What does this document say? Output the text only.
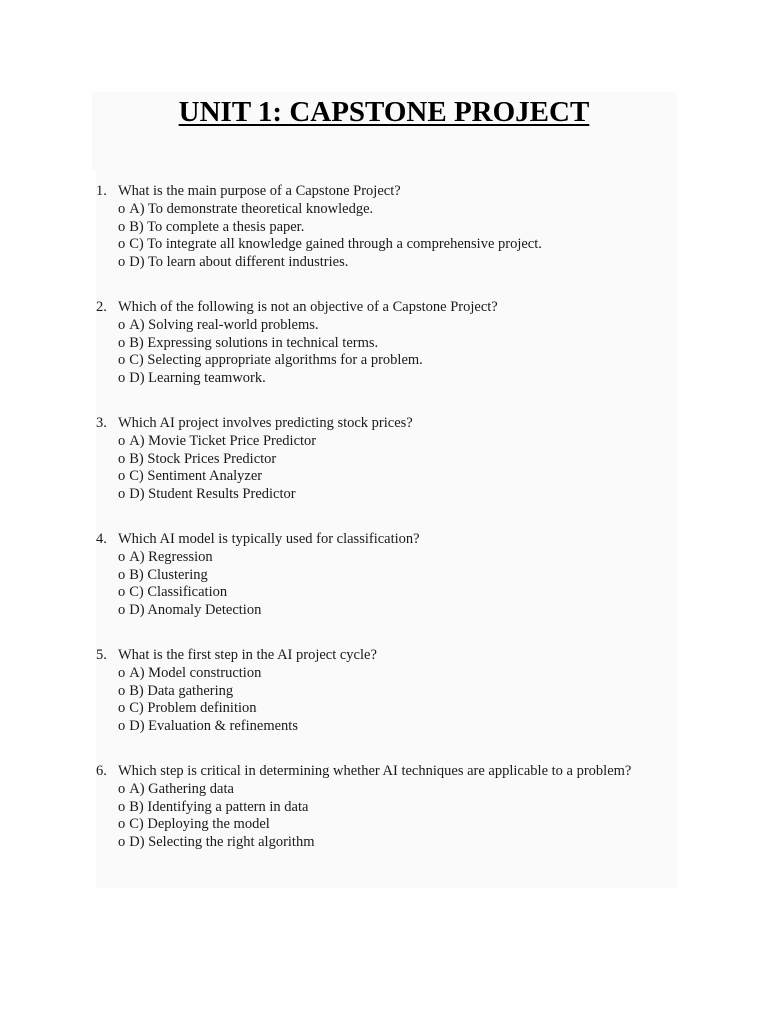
UNIT 1: CAPSTONE PROJECT
1. What is the main purpose of a Capstone Project?
o A) To demonstrate theoretical knowledge.
o B) To complete a thesis paper.
o C) To integrate all knowledge gained through a comprehensive project.
o D) To learn about different industries.
2. Which of the following is not an objective of a Capstone Project?
o A) Solving real-world problems.
o B) Expressing solutions in technical terms.
o C) Selecting appropriate algorithms for a problem.
o D) Learning teamwork.
3. Which AI project involves predicting stock prices?
o A) Movie Ticket Price Predictor
o B) Stock Prices Predictor
o C) Sentiment Analyzer
o D) Student Results Predictor
4. Which AI model is typically used for classification?
o A) Regression
o B) Clustering
o C) Classification
o D) Anomaly Detection
5. What is the first step in the AI project cycle?
o A) Model construction
o B) Data gathering
o C) Problem definition
o D) Evaluation & refinements
6. Which step is critical in determining whether AI techniques are applicable to a problem?
o A) Gathering data
o B) Identifying a pattern in data
o C) Deploying the model
o D) Selecting the right algorithm
